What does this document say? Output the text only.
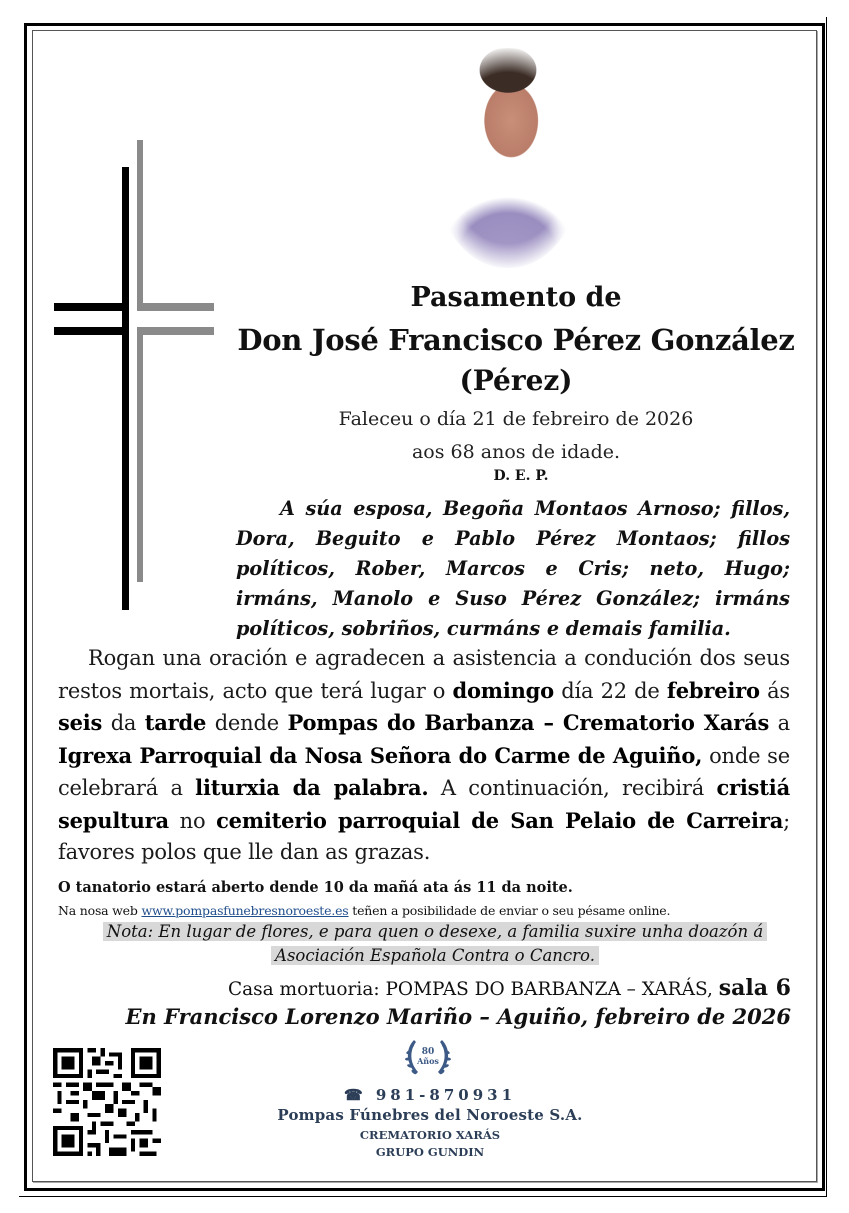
Pasamento de
Don José Francisco Pérez González
(Pérez)
Faleceu o día 21 de febreiro de 2026
aos 68 anos de idade.
D. E. P.
A súa esposa, Begoña Montaos Arnoso; fillos, Dora, Beguito e Pablo Pérez Montaos; fillos políticos, Rober, Marcos e Cris; neto, Hugo; irmáns, Manolo e Suso Pérez González; irmáns políticos, sobriños, curmáns e demais familia.
Rogan una oración e agradecen a asistencia a condución dos seus restos mortais, acto que terá lugar o domingo día 22 de febreiro ás seis da tarde dende Pompas do Barbanza – Crematorio Xarás a Igrexa Parroquial da Nosa Señora do Carme de Aguiño, onde se celebrará a liturxia da palabra. A continuación, recibirá cristiá sepultura no cemiterio parroquial de San Pelaio de Carreira; favores polos que lle dan as grazas.
O tanatorio estará aberto dende 10 da mañá ata ás 11 da noite.
Na nosa web www.pompasfunebresnoroeste.es teñen a posibilidade de enviar o seu pésame online.
Nota: En lugar de flores, e para quen o desexe, a familia suxire unha doazón á Asociación Española Contra o Cancro.
Casa mortuoria: POMPAS DO BARBANZA – XARÁS, sala 6
En Francisco Lorenzo Mariño – Aguiño, febreiro de 2026
80
Años
☎ 981-870931
Pompas Fúnebres del Noroeste S.A.
CREMATORIO XARÁS
GRUPO GUNDIN
